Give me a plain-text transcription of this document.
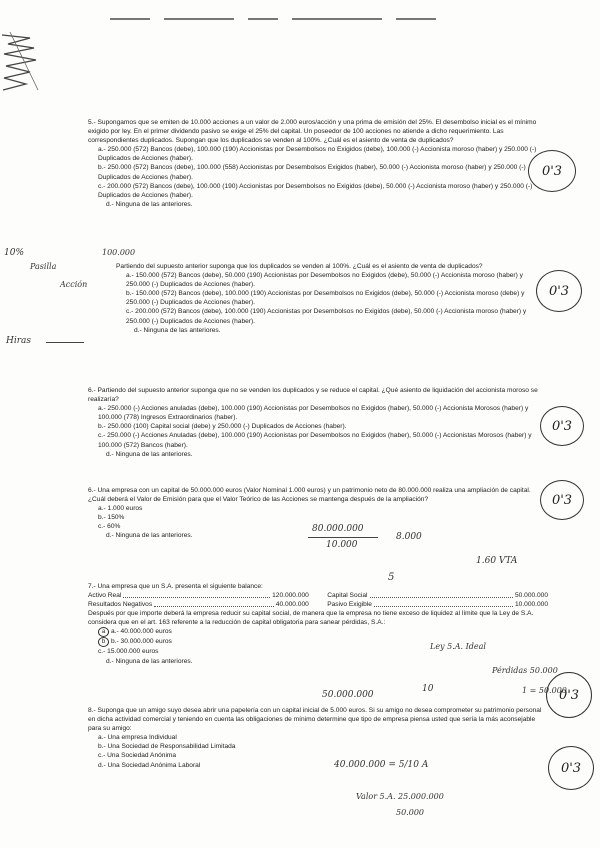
5.- Supongamos que se emiten de 10.000 acciones a un valor de 2.000 euros/acción y una prima de emisión del 25%. El desembolso inicial es el mínimo exigido por ley. En el primer dividendo pasivo se exige el 25% del capital. Un poseedor de 100 acciones no atiende a dicho requerimiento. Las correspondientes duplicados. Supongan que los duplicados se venden al 100%. ¿Cuál es el asiento de venta de duplicados?

a.- 250.000 (572) Bancos (debe), 100.000 (190) Accionistas por Desembolsos no Exigidos (debe), 100.000 (-) Accionista moroso (haber) y 250.000 (-) Duplicados de Acciones (haber).

b.- 250.000 (572) Bancos (debe), 100.000 (558) Accionistas por Desembolsos Exigidos (haber), 50.000 (-) Accionista moroso (haber) y 250.000 (-) Duplicados de Acciones (haber).

c.- 200.000 (572) Bancos (debe), 100.000 (190) Accionistas por Desembolsos no Exigidos (debe), 50.000 (-) Accionista moroso (haber) y 250.000 (-) Duplicados de Acciones (haber).

d.- Ninguna de las anteriores.

0'3
100.000

Partiendo del supuesto anterior suponga que los duplicados se venden al 100%. ¿Cuál es el asiento de venta de duplicados?

a.- 150.000 (572) Bancos (debe), 50.000 (190) Accionistas por Desembolsos no Exigidos (debe), 50.000 (-) Accionista moroso (haber) y 250.000 (-) Duplicados de Acciones (haber).

b.- 150.000 (572) Bancos (debe), 100.000 (190) Accionistas por Desembolsos no Exigidos (debe), 50.000 (-) Accionista moroso (debe) y 250.000 (-) Duplicados de Acciones (haber).

c.- 200.000 (572) Bancos (debe), 100.000 (190) Accionistas por Desembolsos no Exigidos (debe), 50.000 (-) Accionista moroso (haber) y 250.000 (-) Duplicados de Acciones (haber).

d.- Ninguna de las anteriores.

0'3
10%
Pasilla
Acción
Hiras

6.- Partiendo del supuesto anterior suponga que no se venden los duplicados y se reduce el capital. ¿Qué asiento de liquidación del accionista moroso se realizaría?

a.- 250.000 (-) Acciones anuladas (debe), 100.000 (190) Accionistas por Desembolsos no Exigidos (haber), 50.000 (-) Accionista Morosos (haber) y 100.000 (778) Ingresos Extraordinarios (haber).

b.- 250.000 (100) Capital social (debe) y 250.000 (-) Duplicados de Acciones (haber).

c.- 250.000 (-) Acciones Anuladas (debe), 100.000 (190) Accionistas por Desembolsos no Exigidos (haber), 50.000 (-) Accionistas Morosos (haber) y 100.000 (572) Bancos (haber).

d.- Ninguna de las anteriores.

0'3

6.- Una empresa con un capital de 50.000.000 euros (Valor Nominal 1.000 euros) y un patrimonio neto de 80.000.000 realiza una ampliación de capital. ¿Cuál deberá el Valor de Emisión para que el Valor Teórico de las Acciones se mantenga después de la ampliación?

a.- 1.000 euros

b.- 150%

c.- 60%

d.- Ninguna de las anteriores.

0'3
80.000.000
10.000
8.000
5
1.60 VTA

7.- Una empresa que un S.A. presenta el siguiente balance:

Activo Real	120.000.000	Capital Social	50.000.000
Resultados Negativos	40.000.000	Pasivo Exigible	10.000.000

Después por que importe deberá la empresa reducir su capital social, de manera que la empresa no tiene exceso de liquidez al límite que la Ley de S.A. considera que en el art. 163 referente a la reducción de capital obligatoria para sanear pérdidas, S.A.:

a a.- 40.000.000 euros

b b.- 30.000.000 euros

c.- 15.000.000 euros

d.- Ninguna de las anteriores.

0'3
Ley 5.A. Ideal
50.000.000
10
Pérdidas 50.000
1 = 50.000

8.- Suponga que un amigo suyo desea abrir una papelería con un capital inicial de 5.000 euros. Si su amigo no desea comprometer su patrimonio personal en dicha actividad comercial y teniendo en cuenta las obligaciones de mínimo determine que tipo de empresa piensa usted que sería la más aconsejable para su amigo:

a.- Una empresa Individual

b.- Una Sociedad de Responsabilidad Limitada

c.- Una Sociedad Anónima

d.- Una Sociedad Anónima Laboral	0'3
40.000.000 = 5/10 A
Valor 5.A. 25.000.000
50.000
